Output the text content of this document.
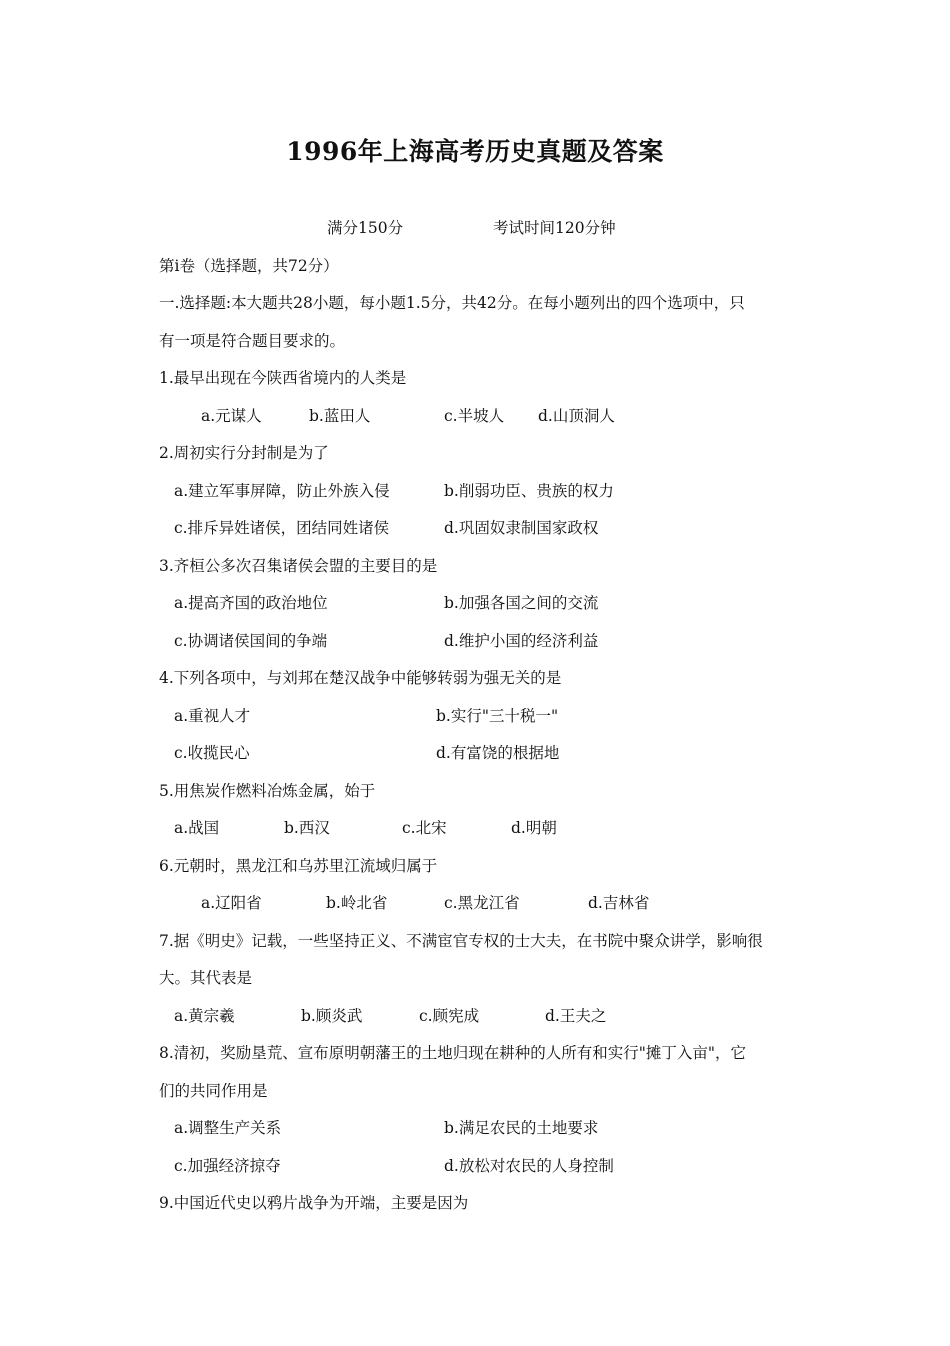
1996年上海高考历史真题及答案
满分150分	考试时间120分钟
第ⅰ卷（选择题，共72分）
一.选择题:本大题共28小题，每小题1.5分，共42分。在每小题列出的四个选项中，只
有一项是符合题目要求的。
1.最早出现在今陕西省境内的人类是
a.元谋人	b.蓝田人	c.半坡人 d.山顶洞人
2.周初实行分封制是为了
a.建立军事屏障，防止外族入侵	b.削弱功臣、贵族的权力
c.排斥异姓诸侯，团结同姓诸侯	d.巩固奴隶制国家政权
3.齐桓公多次召集诸侯会盟的主要目的是
a.提高齐国的政治地位	b.加强各国之间的交流
c.协调诸侯国间的争端	d.维护小国的经济利益
4.下列各项中，与刘邦在楚汉战争中能够转弱为强无关的是
a.重视人才	b.实行"三十税一"
c.收揽民心	d.有富饶的根据地
5.用焦炭作燃料冶炼金属，始于
a.战国	b.西汉	c.北宋	d.明朝
6.元朝时，黑龙江和乌苏里江流域归属于
a.辽阳省	b.岭北省	c.黑龙江省	d.吉林省
7.据《明史》记载，一些坚持正义、不满宦官专权的士大夫，在书院中聚众讲学，影响很
大。其代表是
a.黄宗羲	b.顾炎武	c.顾宪成	d.王夫之
8.清初，奖励垦荒、宣布原明朝藩王的土地归现在耕种的人所有和实行"摊丁入亩"，它
们的共同作用是
a.调整生产关系	b.满足农民的土地要求
c.加强经济掠夺	d.放松对农民的人身控制
9.中国近代史以鸦片战争为开端，主要是因为
